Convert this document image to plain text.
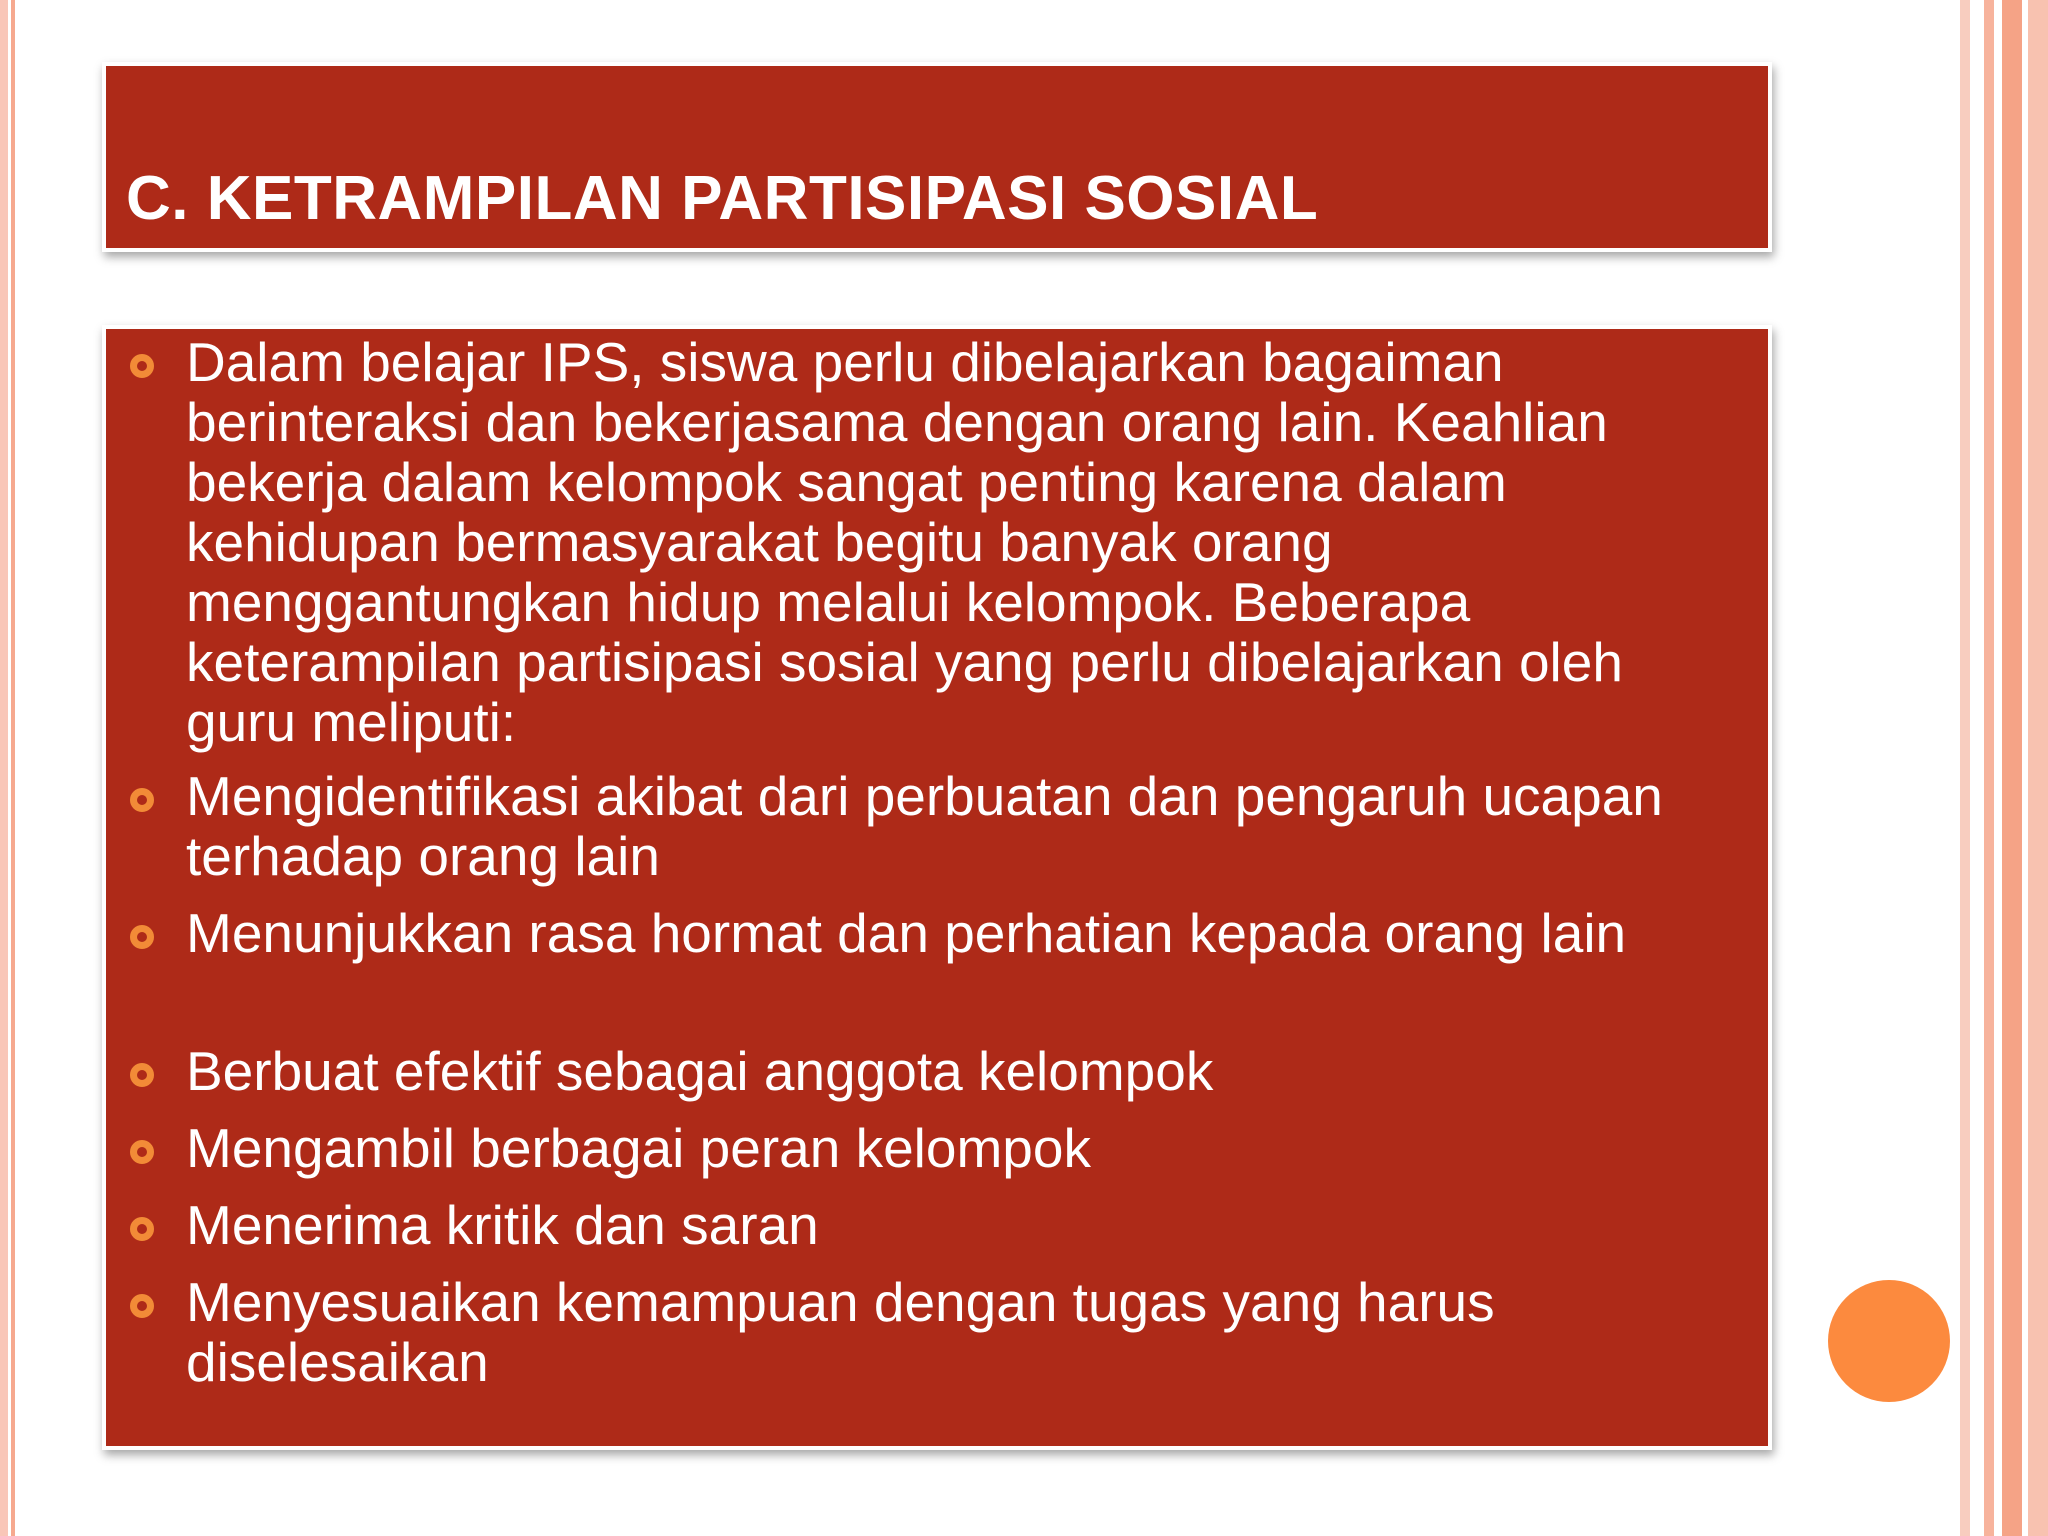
C. KETRAMPILAN PARTISIPASI SOSIAL
Dalam belajar IPS, siswa perlu dibelajarkan bagaiman berinteraksi dan bekerjasama dengan orang lain. Keahlian bekerja dalam kelompok sangat penting karena dalam kehidupan bermasyarakat begitu banyak orang menggantungkan hidup melalui kelompok. Beberapa keterampilan partisipasi sosial yang perlu dibelajarkan oleh guru meliputi:
Mengidentifikasi akibat dari perbuatan dan pengaruh ucapan terhadap orang lain
Menunjukkan rasa hormat dan perhatian kepada orang lain
Berbuat efektif sebagai anggota kelompok
Mengambil berbagai peran kelompok
Menerima kritik dan saran
Menyesuaikan kemampuan dengan tugas yang harus diselesaikan
